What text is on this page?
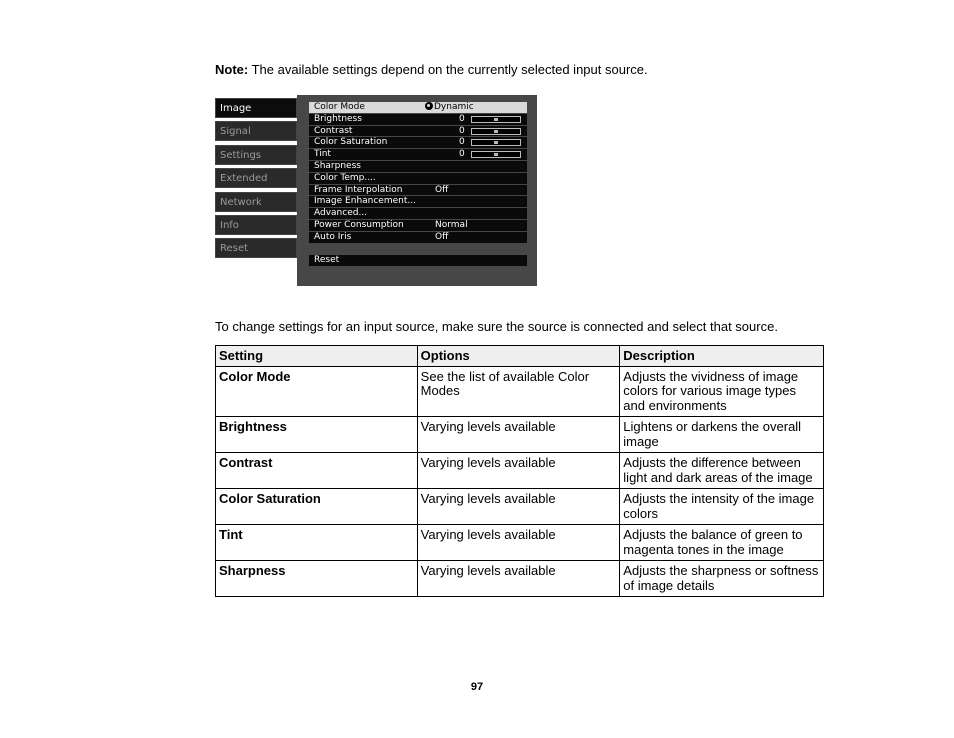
Note: The available settings depend on the currently selected input source.
Image
Signal
Settings
Extended
Network
Info
Reset
Color Mode	Dynamic
Brightness	0
Contrast	0
Color Saturation	0
Tint	0
Sharpness
Color Temp....
Frame Interpolation	Off
Image Enhancement...
Advanced...
Power Consumption	Normal
Auto Iris	Off
Reset
To change settings for an input source, make sure the source is connected and select that source.
Setting	Options	Description
Color Mode	See the list of available Color Modes	Adjusts the vividness of image colors for various image types and environments
Brightness	Varying levels available	Lightens or darkens the overall image
Contrast	Varying levels available	Adjusts the difference between light and dark areas of the image
Color Saturation	Varying levels available	Adjusts the intensity of the image colors
Tint	Varying levels available	Adjusts the balance of green to magenta tones in the image
Sharpness	Varying levels available	Adjusts the sharpness or softness of image details
97
